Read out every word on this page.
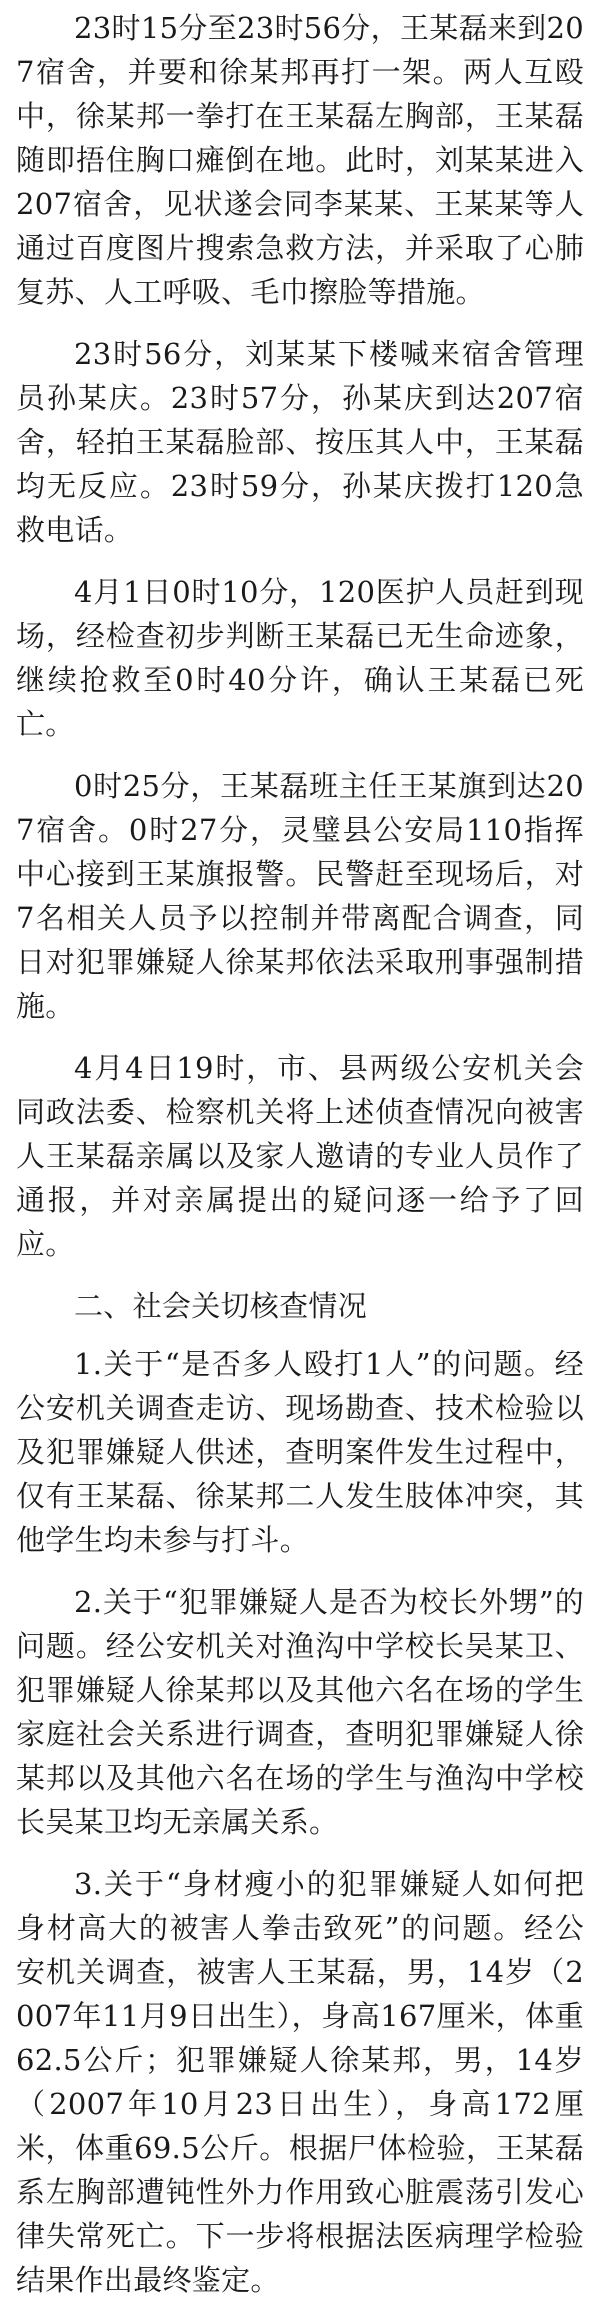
23时15分至23时56分，王某磊来到207宿舍，并要和徐某邦再打一架。两人互殴中，徐某邦一拳打在王某磊左胸部，王某磊随即捂住胸口瘫倒在地。此时，刘某某进入207宿舍，见状遂会同李某某、王某某等人通过百度图片搜索急救方法，并采取了心肺复苏、人工呼吸、毛巾擦脸等措施。

23时56分，刘某某下楼喊来宿舍管理员孙某庆。23时57分，孙某庆到达207宿舍，轻拍王某磊脸部、按压其人中，王某磊均无反应。23时59分，孙某庆拨打120急救电话。

4月1日0时10分，120医护人员赶到现场，经检查初步判断王某磊已无生命迹象，继续抢救至0时40分许，确认王某磊已死亡。

0时25分，王某磊班主任王某旗到达207宿舍。0时27分，灵璧县公安局110指挥中心接到王某旗报警。民警赶至现场后，对7名相关人员予以控制并带离配合调查，同日对犯罪嫌疑人徐某邦依法采取刑事强制措施。

4月4日19时，市、县两级公安机关会同政法委、检察机关将上述侦查情况向被害人王某磊亲属以及家人邀请的专业人员作了通报，并对亲属提出的疑问逐一给予了回应。

二、社会关切核查情况

1.关于“是否多人殴打1人”的问题。经公安机关调查走访、现场勘查、技术检验以及犯罪嫌疑人供述，查明案件发生过程中，仅有王某磊、徐某邦二人发生肢体冲突，其他学生均未参与打斗。

2.关于“犯罪嫌疑人是否为校长外甥”的问题。经公安机关对渔沟中学校长吴某卫、犯罪嫌疑人徐某邦以及其他六名在场的学生家庭社会关系进行调查，查明犯罪嫌疑人徐某邦以及其他六名在场的学生与渔沟中学校长吴某卫均无亲属关系。

3.关于“身材瘦小的犯罪嫌疑人如何把身材高大的被害人拳击致死”的问题。经公安机关调查，被害人王某磊，男，14岁（2007年11月9日出生），身高167厘米，体重62.5公斤；犯罪嫌疑人徐某邦，男，14岁（2007年10月23日出生），身高172厘米，体重69.5公斤。根据尸体检验，王某磊系左胸部遭钝性外力作用致心脏震荡引发心律失常死亡。下一步将根据法医病理学检验结果作出最终鉴定。
